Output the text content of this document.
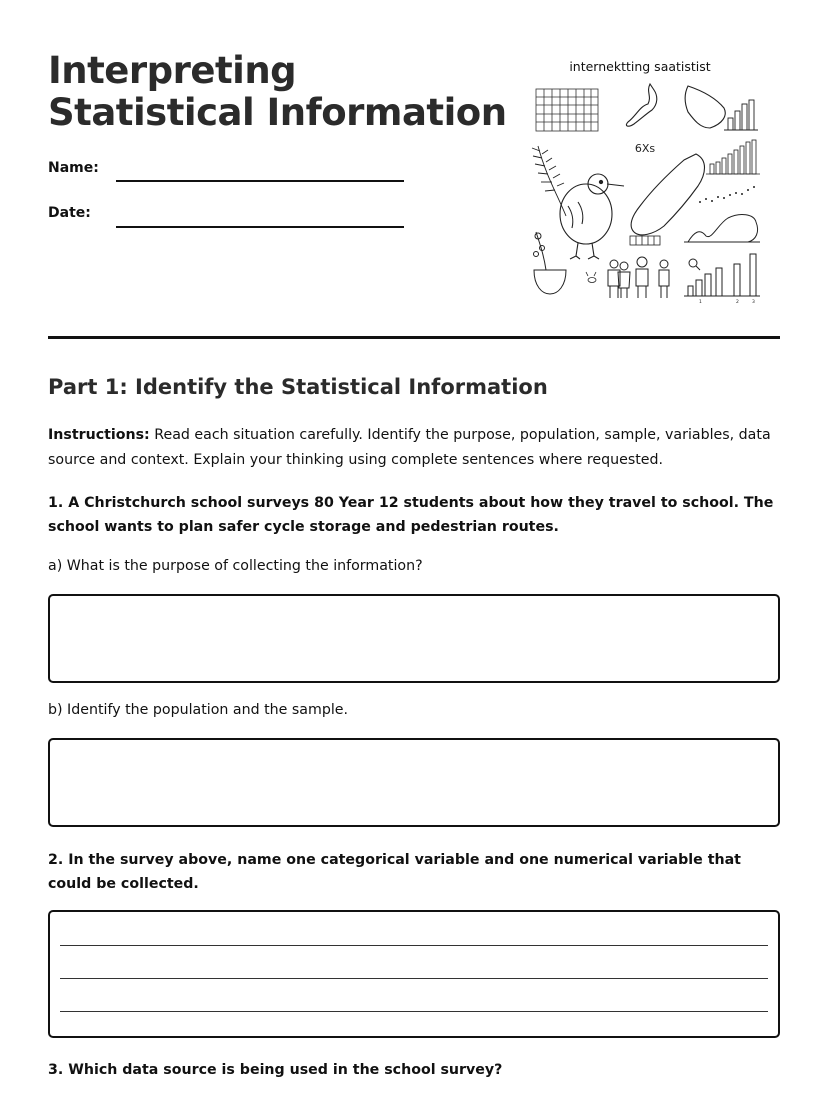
Interpreting Statistical Information
Name:
Date:
internektting saatistist
6Xs
1	2	3
Part 1: Identify the Statistical Information
Instructions: Read each situation carefully. Identify the purpose, population, sample, variables, data source and context. Explain your thinking using complete sentences where requested.
1. A Christchurch school surveys 80 Year 12 students about how they travel to school. The school wants to plan safer cycle storage and pedestrian routes.
a) What is the purpose of collecting the information?
b) Identify the population and the sample.
2. In the survey above, name one categorical variable and one numerical variable that could be collected.
3. Which data source is being used in the school survey?
